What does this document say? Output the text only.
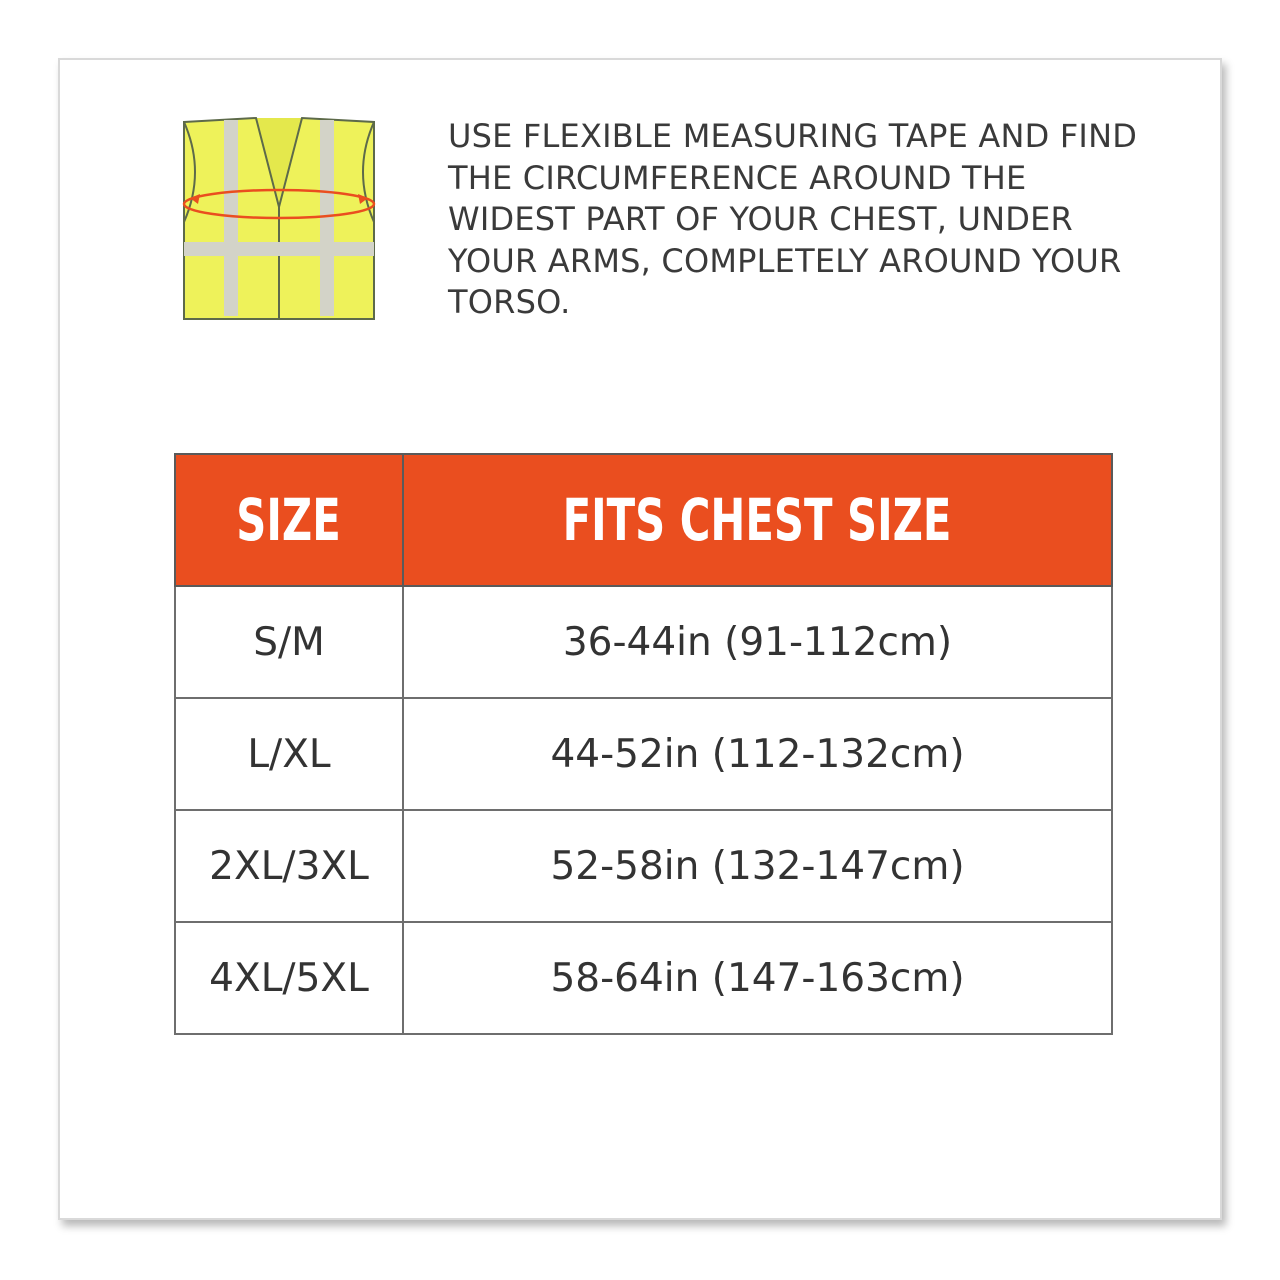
USE FLEXIBLE MEASURING TAPE AND FIND THE CIRCUMFERENCE AROUND THE WIDEST PART OF YOUR CHEST, UNDER YOUR ARMS, COMPLETELY AROUND YOUR TORSO.

SIZE	FITS CHEST SIZE
S/M	36-44in (91-112cm)
L/XL	44-52in (112-132cm)
2XL/3XL	52-58in (132-147cm)
4XL/5XL	58-64in (147-163cm)
